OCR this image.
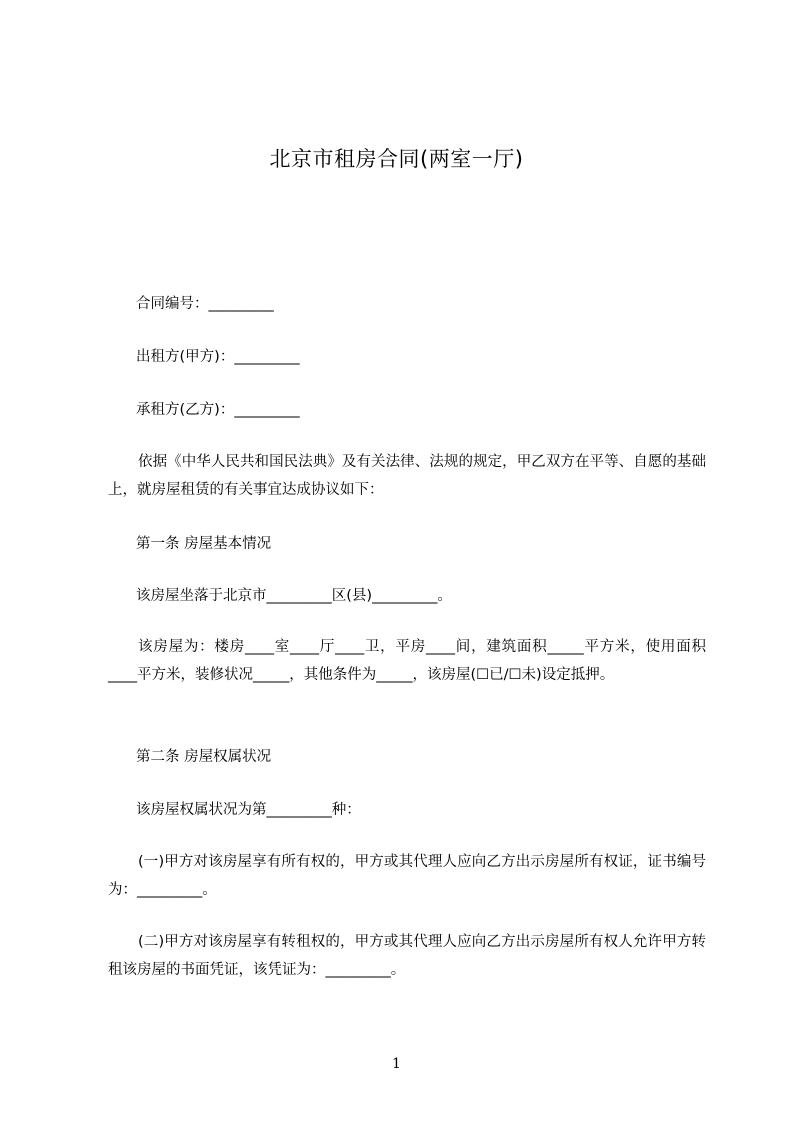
北京市租房合同(两室一厅)
合同编号：_________
出租方(甲方)：_________
承租方(乙方)：_________
依据《中华人民共和国民法典》及有关法律、法规的规定，甲乙双方在平等、自愿的基础上，就房屋租赁的有关事宜达成协议如下：
第一条 房屋基本情况
该房屋坐落于北京市_________区(县)_________。
该房屋为：楼房____室____厅____卫，平房____间，建筑面积_____平方米，使用面积____平方米，装修状况_____，其他条件为_____，该房屋(☐已/☐未)设定抵押。
第二条 房屋权属状况
该房屋权属状况为第_________种：
(一)甲方对该房屋享有所有权的，甲方或其代理人应向乙方出示房屋所有权证，证书编号为：_________。
(二)甲方对该房屋享有转租权的，甲方或其代理人应向乙方出示房屋所有权人允许甲方转租该房屋的书面凭证，该凭证为：_________。
1
